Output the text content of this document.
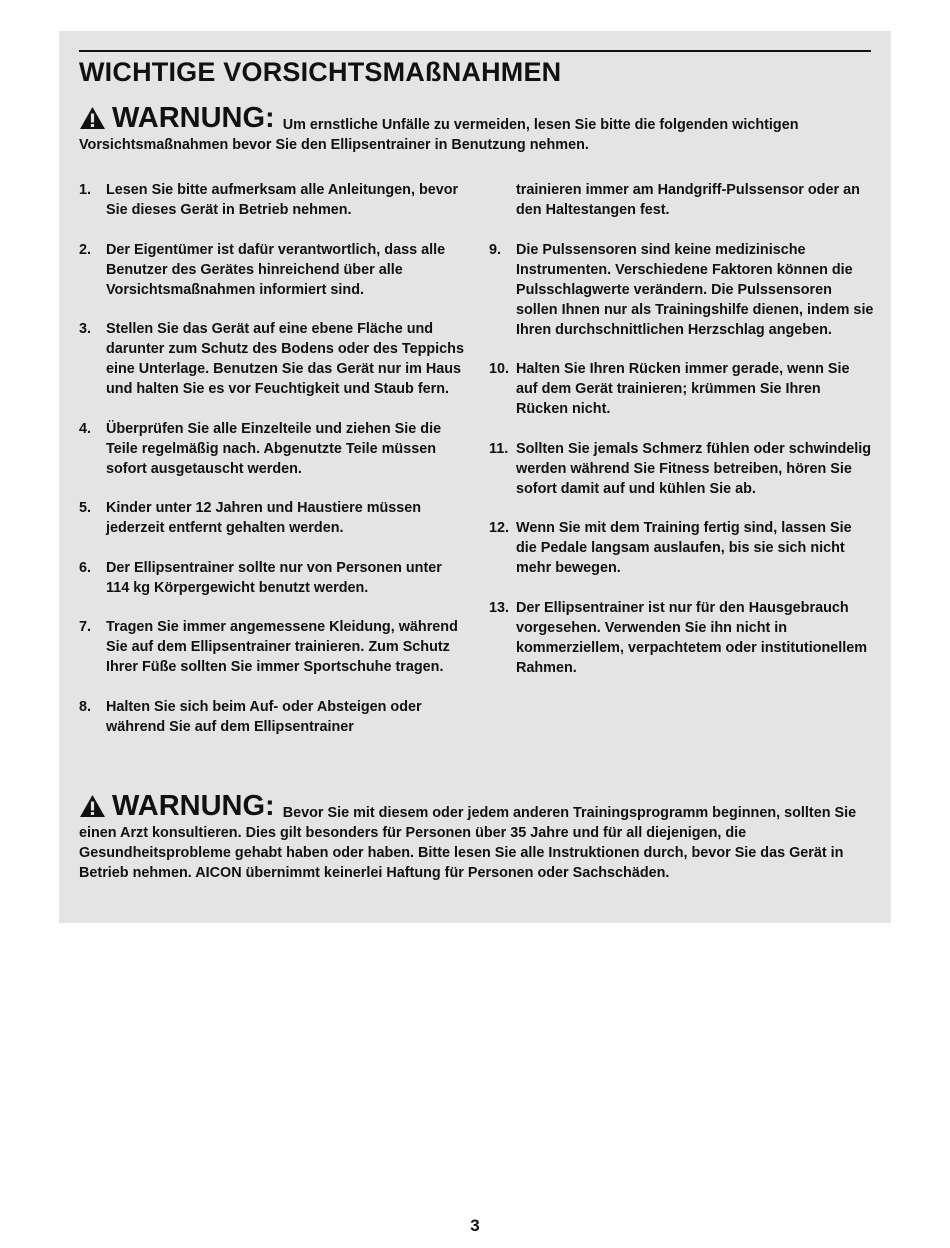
WICHTIGE VORSICHTSMAßNAHMEN

WARNUNG: Um ernstliche Unfälle zu vermeiden, lesen Sie bitte die folgenden wichtigen Vorsichtsmaßnahmen bevor Sie den Ellipsentrainer in Benutzung nehmen.

1.	Lesen Sie bitte aufmerksam alle Anleitungen, bevor Sie dieses Gerät in Betrieb nehmen.
2.	Der Eigentümer ist dafür verantwortlich, dass alle Benutzer des Gerätes hinreichend über alle Vorsichtsmaßnahmen informiert sind.
3.	Stellen Sie das Gerät auf eine ebene Fläche und darunter zum Schutz des Bodens oder des Teppichs eine Unterlage. Benutzen Sie das Gerät nur im Haus und halten Sie es vor Feuchtigkeit und Staub fern.
4.	Überprüfen Sie alle Einzelteile und ziehen Sie die Teile regelmäßig nach. Abgenutzte Teile müssen sofort ausgetauscht werden.
5.	Kinder unter 12 Jahren und Haustiere müssen jederzeit entfernt gehalten werden.
6.	Der Ellipsentrainer sollte nur von Personen unter 114 kg Körpergewicht benutzt werden.
7.	Tragen Sie immer angemessene Kleidung, während Sie auf dem Ellipsentrainer trainieren. Zum Schutz Ihrer Füße sollten Sie immer Sportschuhe tragen.
8.	Halten Sie sich beim Auf- oder Absteigen oder während Sie auf dem Ellipsentrainer
trainieren immer am Handgriff-Pulssensor oder an den Haltestangen fest.
9.	Die Pulssensoren sind keine medizinische Instrumenten. Verschiedene Faktoren können die Pulsschlagwerte verändern. Die Pulssensoren sollen Ihnen nur als Trainingshilfe dienen, indem sie Ihren durchschnittlichen Herzschlag angeben.
10. Halten Sie Ihren Rücken immer gerade, wenn Sie auf dem Gerät trainieren; krümmen Sie Ihren Rücken nicht.
11. Sollten Sie jemals Schmerz fühlen oder schwindelig werden während Sie Fitness betreiben, hören Sie sofort damit auf und kühlen Sie ab.
12. Wenn Sie mit dem Training fertig sind, lassen Sie die Pedale langsam auslaufen, bis sie sich nicht mehr bewegen.
13. Der Ellipsentrainer ist nur für den Hausgebrauch vorgesehen. Verwenden Sie ihn nicht in kommerziellem, verpachtetem oder institutionellem Rahmen.

WARNUNG: Bevor Sie mit diesem oder jedem anderen Trainingsprogramm beginnen, sollten Sie einen Arzt konsultieren. Dies gilt besonders für Personen über 35 Jahre und für all diejenigen, die Gesundheitsprobleme gehabt haben oder haben. Bitte lesen Sie alle Instruktionen durch, bevor Sie das Gerät in Betrieb nehmen. AICON übernimmt keinerlei Haftung für Personen oder Sachschäden.

3
